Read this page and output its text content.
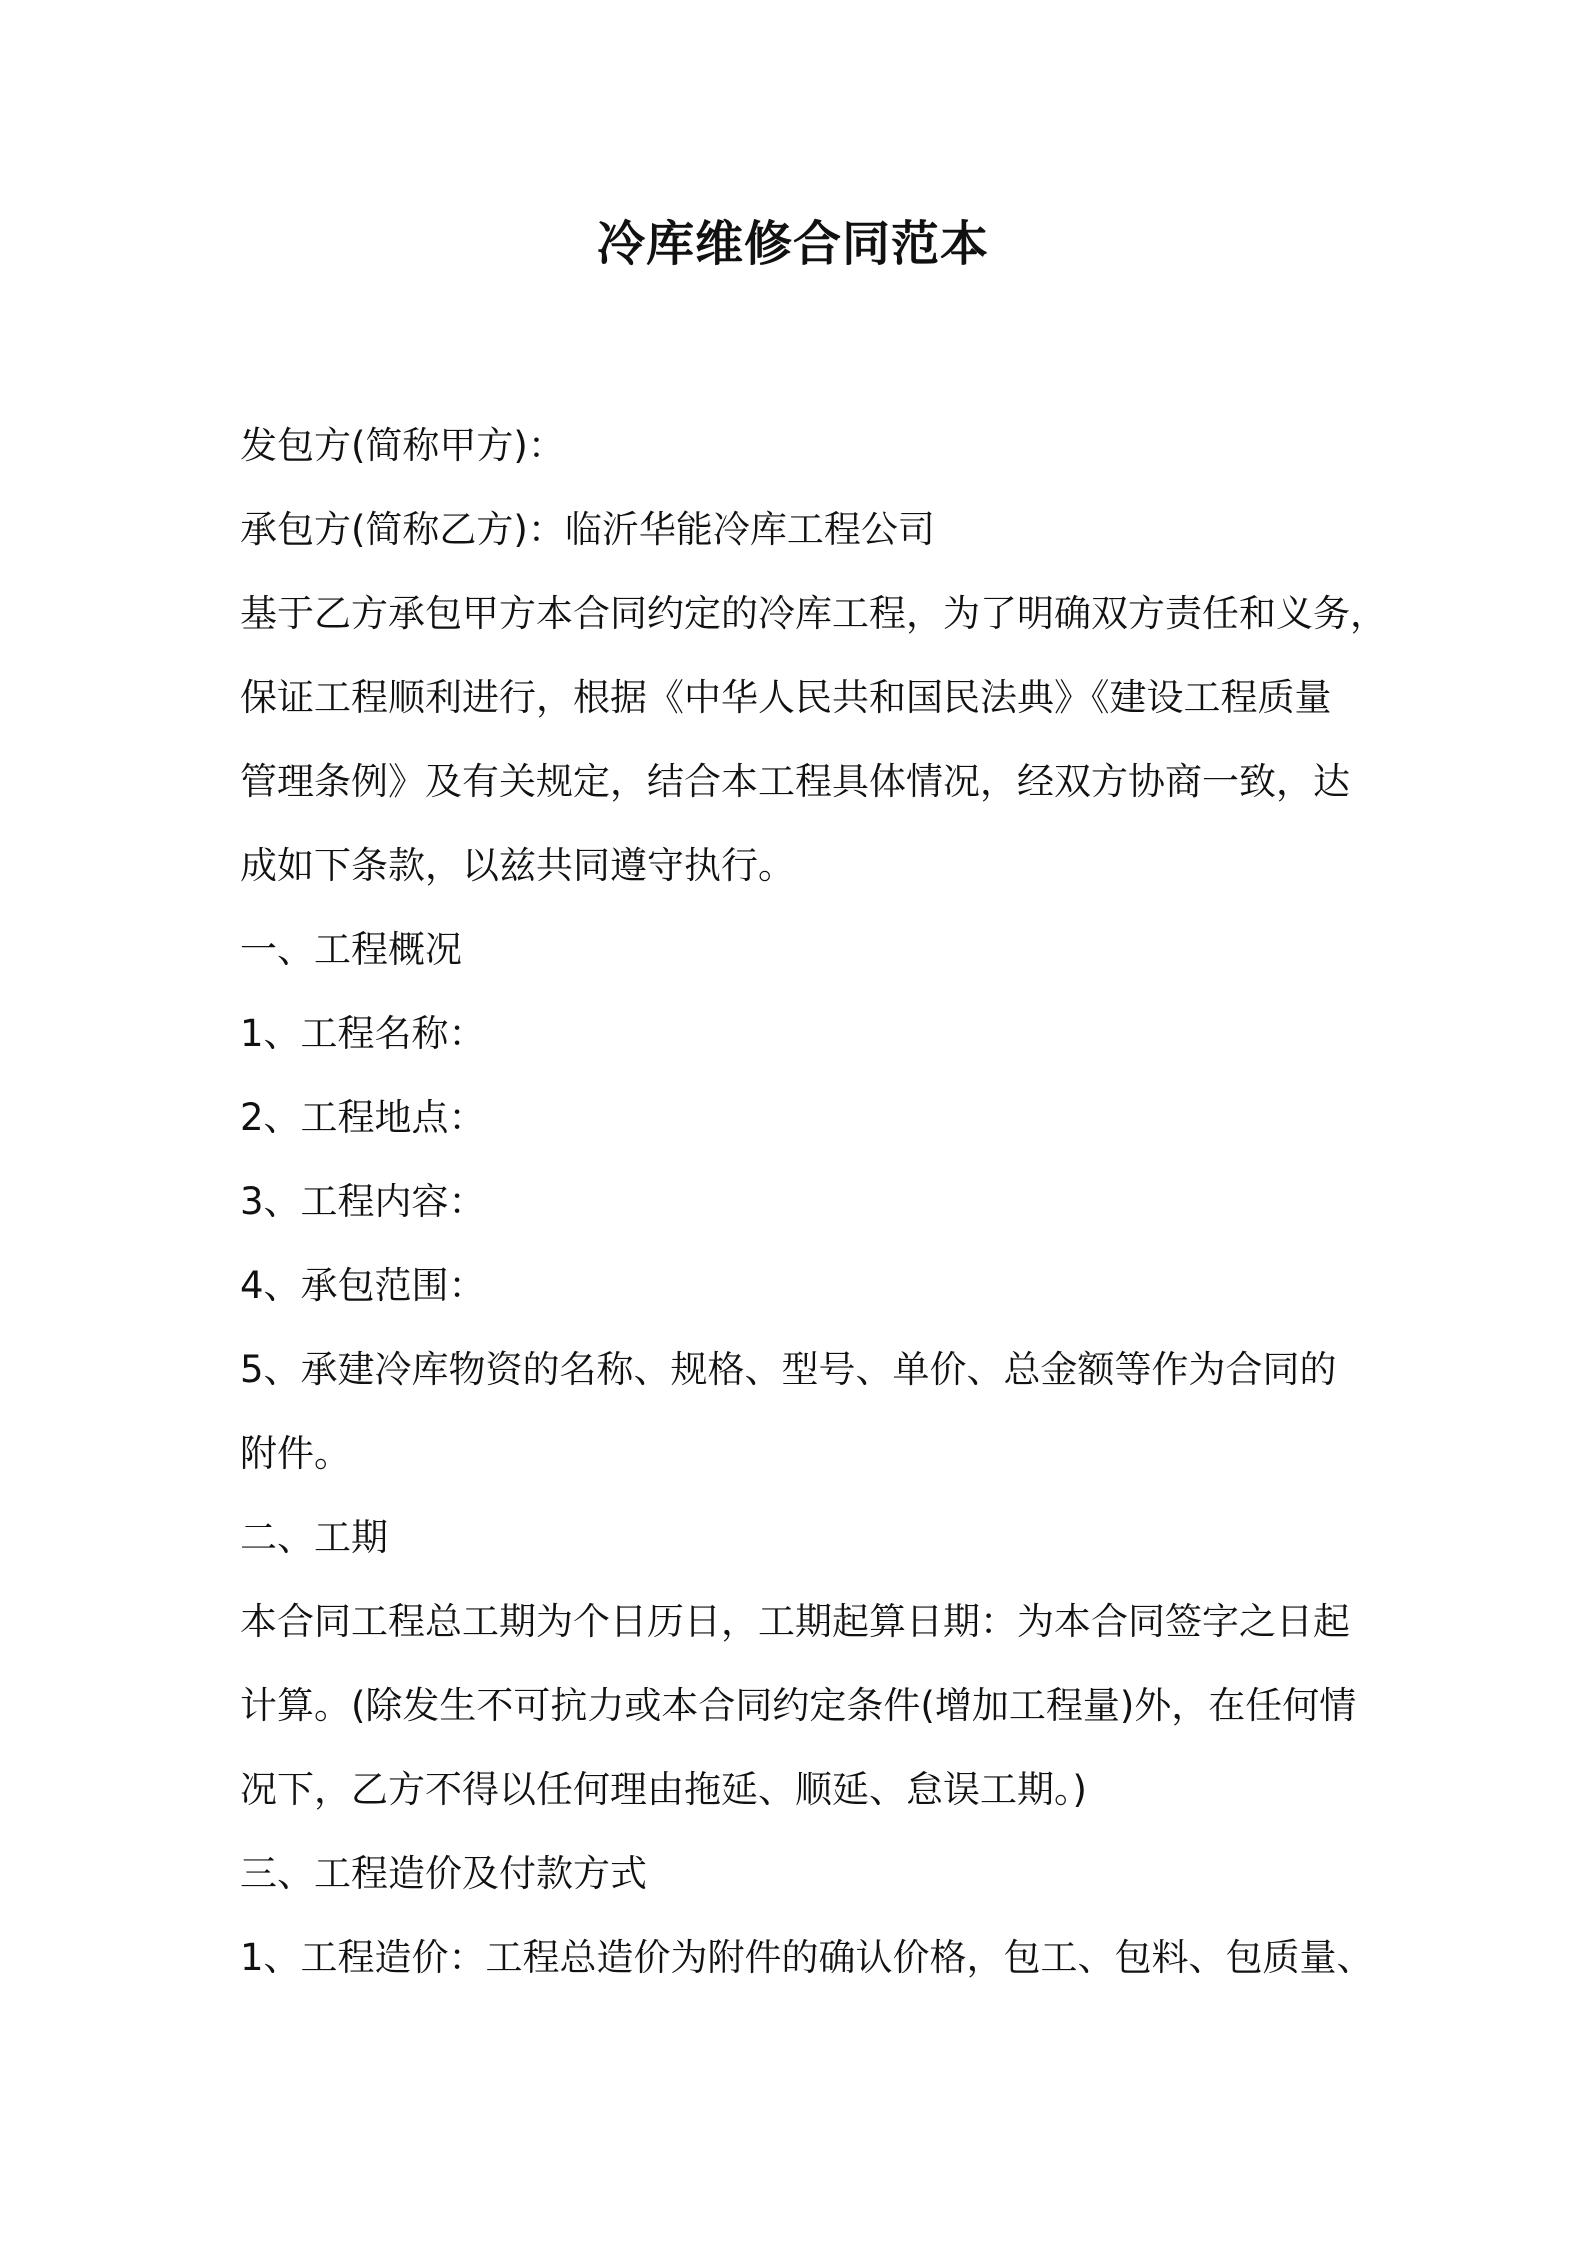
冷库维修合同范本
发包方(简称甲方)：
承包方(简称乙方)：临沂华能冷库工程公司
基于乙方承包甲方本合同约定的冷库工程，为了明确双方责任和义务，
保证工程顺利进行，根据《中华人民共和国民法典》《建设工程质量
管理条例》及有关规定，结合本工程具体情况，经双方协商一致，达
成如下条款，以兹共同遵守执行。
一、工程概况
1、工程名称：
2、工程地点：
3、工程内容：
4、承包范围：
5、承建冷库物资的名称、规格、型号、单价、总金额等作为合同的
附件。
二、工期
本合同工程总工期为个日历日，工期起算日期：为本合同签字之日起
计算。(除发生不可抗力或本合同约定条件(增加工程量)外，在任何情
况下，乙方不得以任何理由拖延、顺延、怠误工期。)
三、工程造价及付款方式
1、工程造价：工程总造价为附件的确认价格，包工、包料、包质量、
